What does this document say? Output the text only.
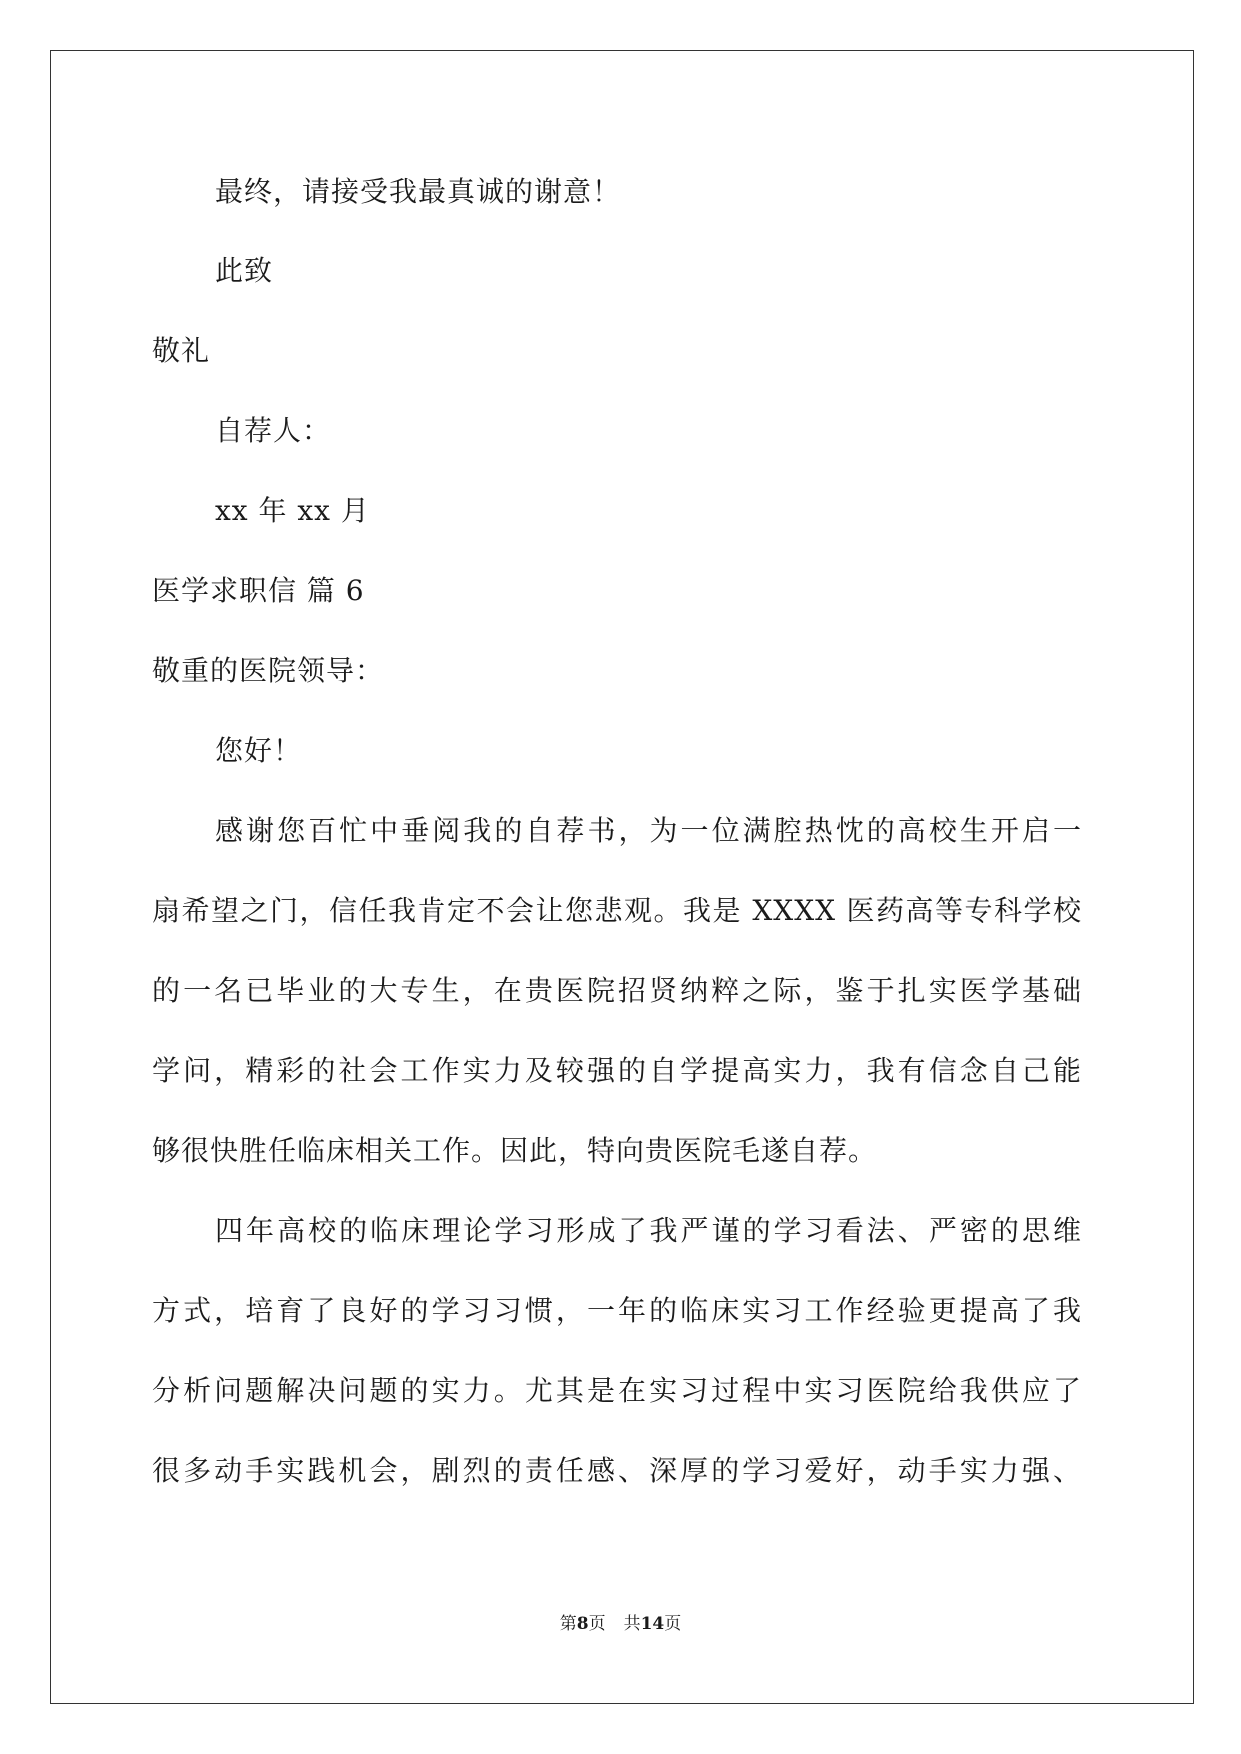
最终，请接受我最真诚的谢意！
此致
敬礼
自荐人：
xx 年 xx 月
医学求职信 篇 6
敬重的医院领导：
您好！
感谢您百忙中垂阅我的自荐书，为一位满腔热忱的高校生开启一
扇希望之门，信任我肯定不会让您悲观。我是 XXXX 医药高等专科学校
的一名已毕业的大专生，在贵医院招贤纳粹之际，鉴于扎实医学基础
学问，精彩的社会工作实力及较强的自学提高实力，我有信念自己能
够很快胜任临床相关工作。因此，特向贵医院毛遂自荐。
四年高校的临床理论学习形成了我严谨的学习看法、严密的思维
方式，培育了良好的学习习惯，一年的临床实习工作经验更提高了我
分析问题解决问题的实力。尤其是在实习过程中实习医院给我供应了
很多动手实践机会，剧烈的责任感、深厚的学习爱好，动手实力强、
第8页 共14页
